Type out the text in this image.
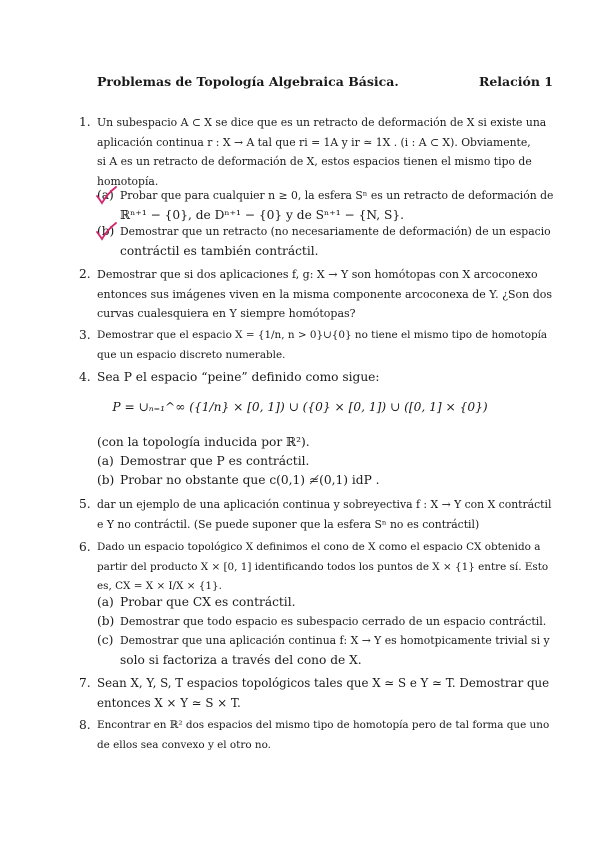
Problemas de Topología Algebraica Básica.	Relación 1
1. Un subespacio A ⊂ X se dice que es un retracto de deformación de X si existe una
aplicación continua r : X → A tal que ri = 1A y ir ≃ 1X . (i : A ⊂ X). Obviamente,
si A es un retracto de deformación de X, estos espacios tienen el mismo tipo de
homotopía.
(a) Probar que para cualquier n ≥ 0, la esfera Sⁿ es un retracto de deformación de
ℝⁿ⁺¹ − {0}, de Dⁿ⁺¹ − {0} y de Sⁿ⁺¹ − {N, S}.
(b) Demostrar que un retracto (no necesariamente de deformación) de un espacio
contráctil es también contráctil.
2. Demostrar que si dos aplicaciones f, g: X → Y son homótopas con X arcoconexo
entonces sus imágenes viven en la misma componente arcoconexa de Y. ¿Son dos
curvas cualesquiera en Y siempre homótopas?
3. Demostrar que el espacio X = {1/n, n > 0}∪{0} no tiene el mismo tipo de homotopía
que un espacio discreto numerable.
4. Sea P el espacio “peine” definido como sigue:
P = ∪ₙ₌₁^∞ ({1/n} × [0, 1]) ∪ ({0} × [0, 1]) ∪ ([0, 1] × {0})
(con la topología inducida por ℝ²).
(a) Demostrar que P es contráctil.
(b) Probar no obstante que c(0,1) ≄(0,1) idP .
5. dar un ejemplo de una aplicación continua y sobreyectiva f : X → Y con X contráctil
e Y no contráctil. (Se puede suponer que la esfera Sⁿ no es contráctil)
6. Dado un espacio topológico X definimos el cono de X como el espacio CX obtenido a
partir del producto X × [0, 1] identificando todos los puntos de X × {1} entre sí. Esto
es, CX = X × I/X × {1}.
(a) Probar que CX es contráctil.
(b) Demostrar que todo espacio es subespacio cerrado de un espacio contráctil.
(c) Demostrar que una aplicación continua f: X → Y es homotpicamente trivial si y
solo si factoriza a través del cono de X.
7. Sean X, Y, S, T espacios topológicos tales que X ≃ S e Y ≃ T. Demostrar que
entonces X × Y ≃ S × T.
8. Encontrar en ℝ² dos espacios del mismo tipo de homotopía pero de tal forma que uno
de ellos sea convexo y el otro no.
